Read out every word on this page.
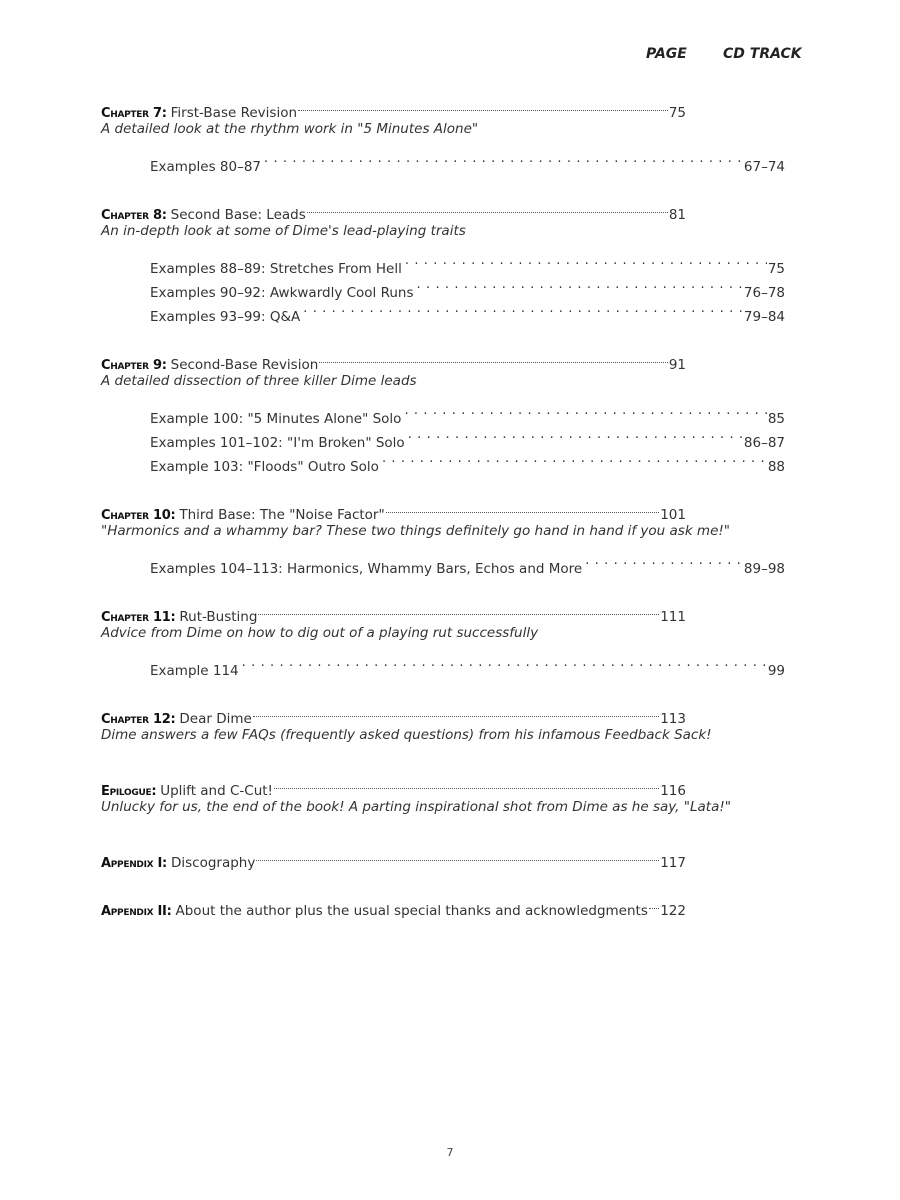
PAGE	CD TRACK
Chapter 7: First-Base Revision	75
A detailed look at the rhythm work in "5 Minutes Alone"
Examples 80–87 . . .	67–74
Chapter 8: Second Base: Leads	81
An in-depth look at some of Dime's lead-playing traits
Examples 88–89: Stretches From Hell . . .	75
Examples 90–92: Awkwardly Cool Runs . . .	76–78
Examples 93–99: Q&A . . .	79–84
Chapter 9: Second-Base Revision	91
A detailed dissection of three killer Dime leads
Example 100: "5 Minutes Alone" Solo . . .	85
Examples 101–102: "I'm Broken" Solo . . .	86–87
Example 103: "Floods" Outro Solo . . .	88
Chapter 10: Third Base: The "Noise Factor"	101
"Harmonics and a whammy bar? These two things definitely go hand in hand if you ask me!"
Examples 104–113: Harmonics, Whammy Bars, Echos and More . . .	89–98
Chapter 11: Rut-Busting	111
Advice from Dime on how to dig out of a playing rut successfully
Example 114 . . .	99
Chapter 12: Dear Dime	113
Dime answers a few FAQs (frequently asked questions) from his infamous Feedback Sack!
Epilogue: Uplift and C-Cut!	116
Unlucky for us, the end of the book! A parting inspirational shot from Dime as he say, "Lata!"
Appendix I: Discography	117
Appendix II: About the author plus the usual special thanks and acknowledgments 122
7
